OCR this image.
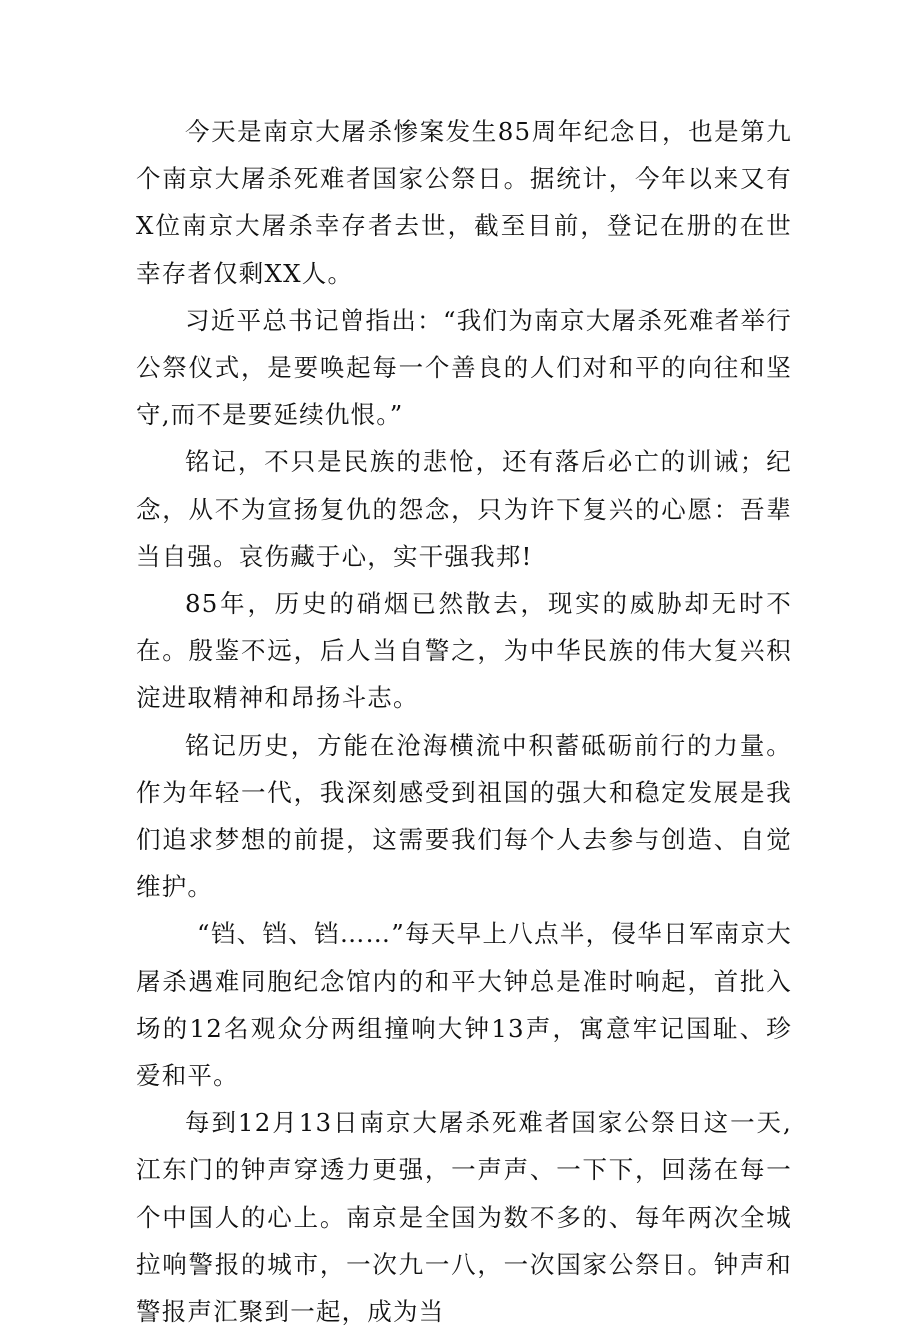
今天是南京大屠杀惨案发生85周年纪念日，也是第九个南京大屠杀死难者国家公祭日。据统计，今年以来又有X位南京大屠杀幸存者去世，截至目前，登记在册的在世幸存者仅剩XX人。

习近平总书记曾指出：“我们为南京大屠杀死难者举行公祭仪式，是要唤起每一个善良的人们对和平的向往和坚守,而不是要延续仇恨。”

铭记，不只是民族的悲怆，还有落后必亡的训诫；纪念，从不为宣扬复仇的怨念，只为许下复兴的心愿：吾辈当自强。哀伤藏于心，实干强我邦!

85年，历史的硝烟已然散去，现实的威胁却无时不在。殷鉴不远，后人当自警之，为中华民族的伟大复兴积淀进取精神和昂扬斗志。

铭记历史，方能在沧海横流中积蓄砥砺前行的力量。作为年轻一代，我深刻感受到祖国的强大和稳定发展是我们追求梦想的前提，这需要我们每个人去参与创造、自觉维护。

“铛、铛、铛……”每天早上八点半，侵华日军南京大屠杀遇难同胞纪念馆内的和平大钟总是准时响起，首批入场的12名观众分两组撞响大钟13声，寓意牢记国耻、珍爱和平。

每到12月13日南京大屠杀死难者国家公祭日这一天,江东门的钟声穿透力更强，一声声、一下下，回荡在每一个中国人的心上。南京是全国为数不多的、每年两次全城拉响警报的城市，一次九一八，一次国家公祭日。钟声和警报声汇聚到一起，成为当
